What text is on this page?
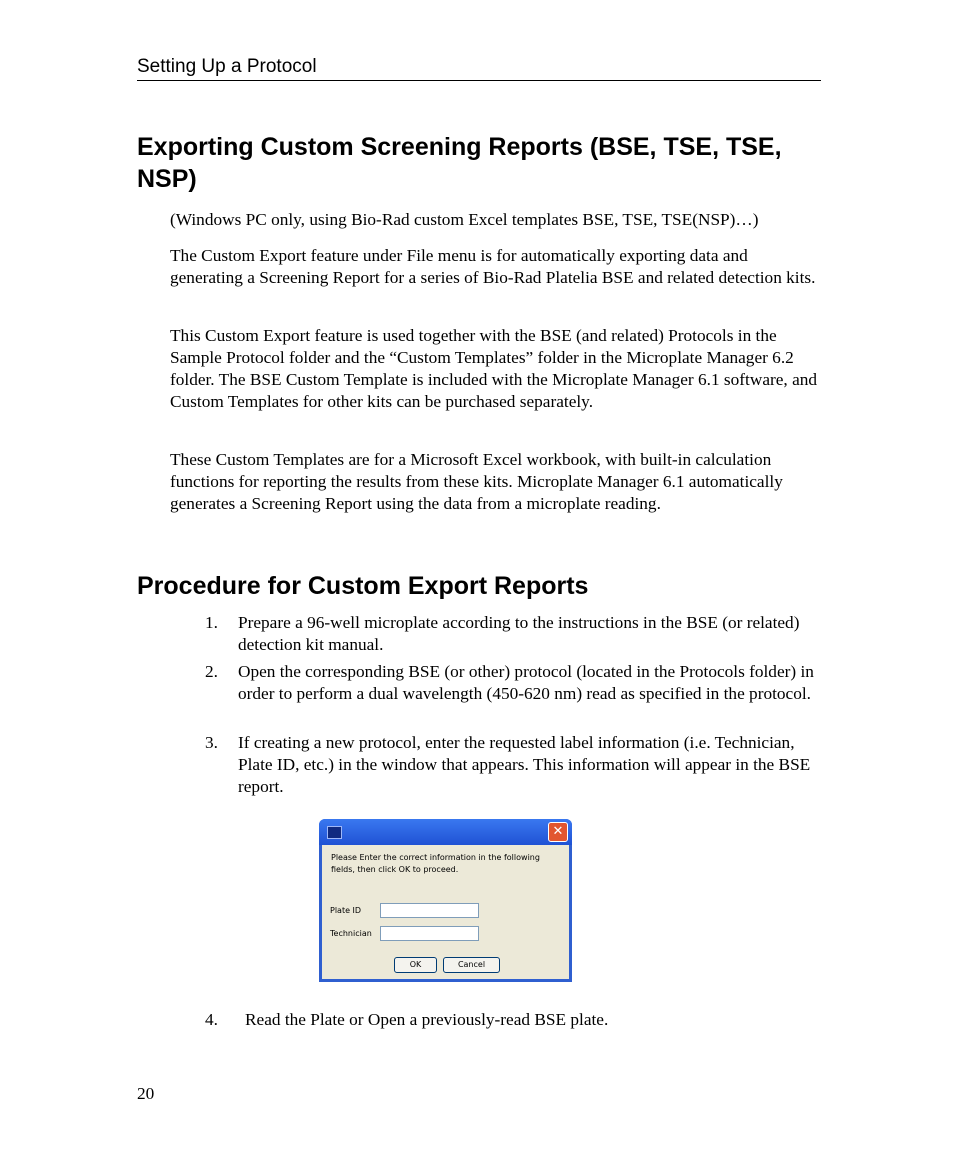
Setting Up a Protocol
Exporting Custom Screening Reports (BSE, TSE, TSE, NSP)

(Windows PC only, using Bio-Rad custom Excel templates BSE, TSE, TSE(NSP)…)

The Custom Export feature under File menu is for automatically exporting data and generating a Screening Report for a series of Bio-Rad Platelia BSE and related detection kits.

This Custom Export feature is used together with the BSE (and related) Protocols in the Sample Protocol folder and the “Custom Templates” folder in the Microplate Manager 6.2 folder. The BSE Custom Template is included with the Microplate Manager 6.1 software, and Custom Templates for other kits can be purchased separately.

These Custom Templates are for a Microsoft Excel workbook, with built-in calculation functions for reporting the results from these kits. Microplate Manager 6.1 automatically generates a Screening Report using the data from a microplate reading.

Procedure for Custom Export Reports
1. Prepare a 96-well microplate according to the instructions in the BSE (or related) detection kit manual.
2. Open the corresponding BSE (or other) protocol (located in the Protocols folder) in order to perform a dual wavelength (450-620 nm) read as specified in the protocol.
3. If creating a new protocol, enter the requested label information (i.e. Technician, Plate ID, etc.) in the window that appears. This information will appear in the BSE report.
✕
Please Enter the correct information in the following fields, then click OK to proceed.
Plate ID
Technician
OK	Cancel
4. Read the Plate or Open a previously-read BSE plate.
20
